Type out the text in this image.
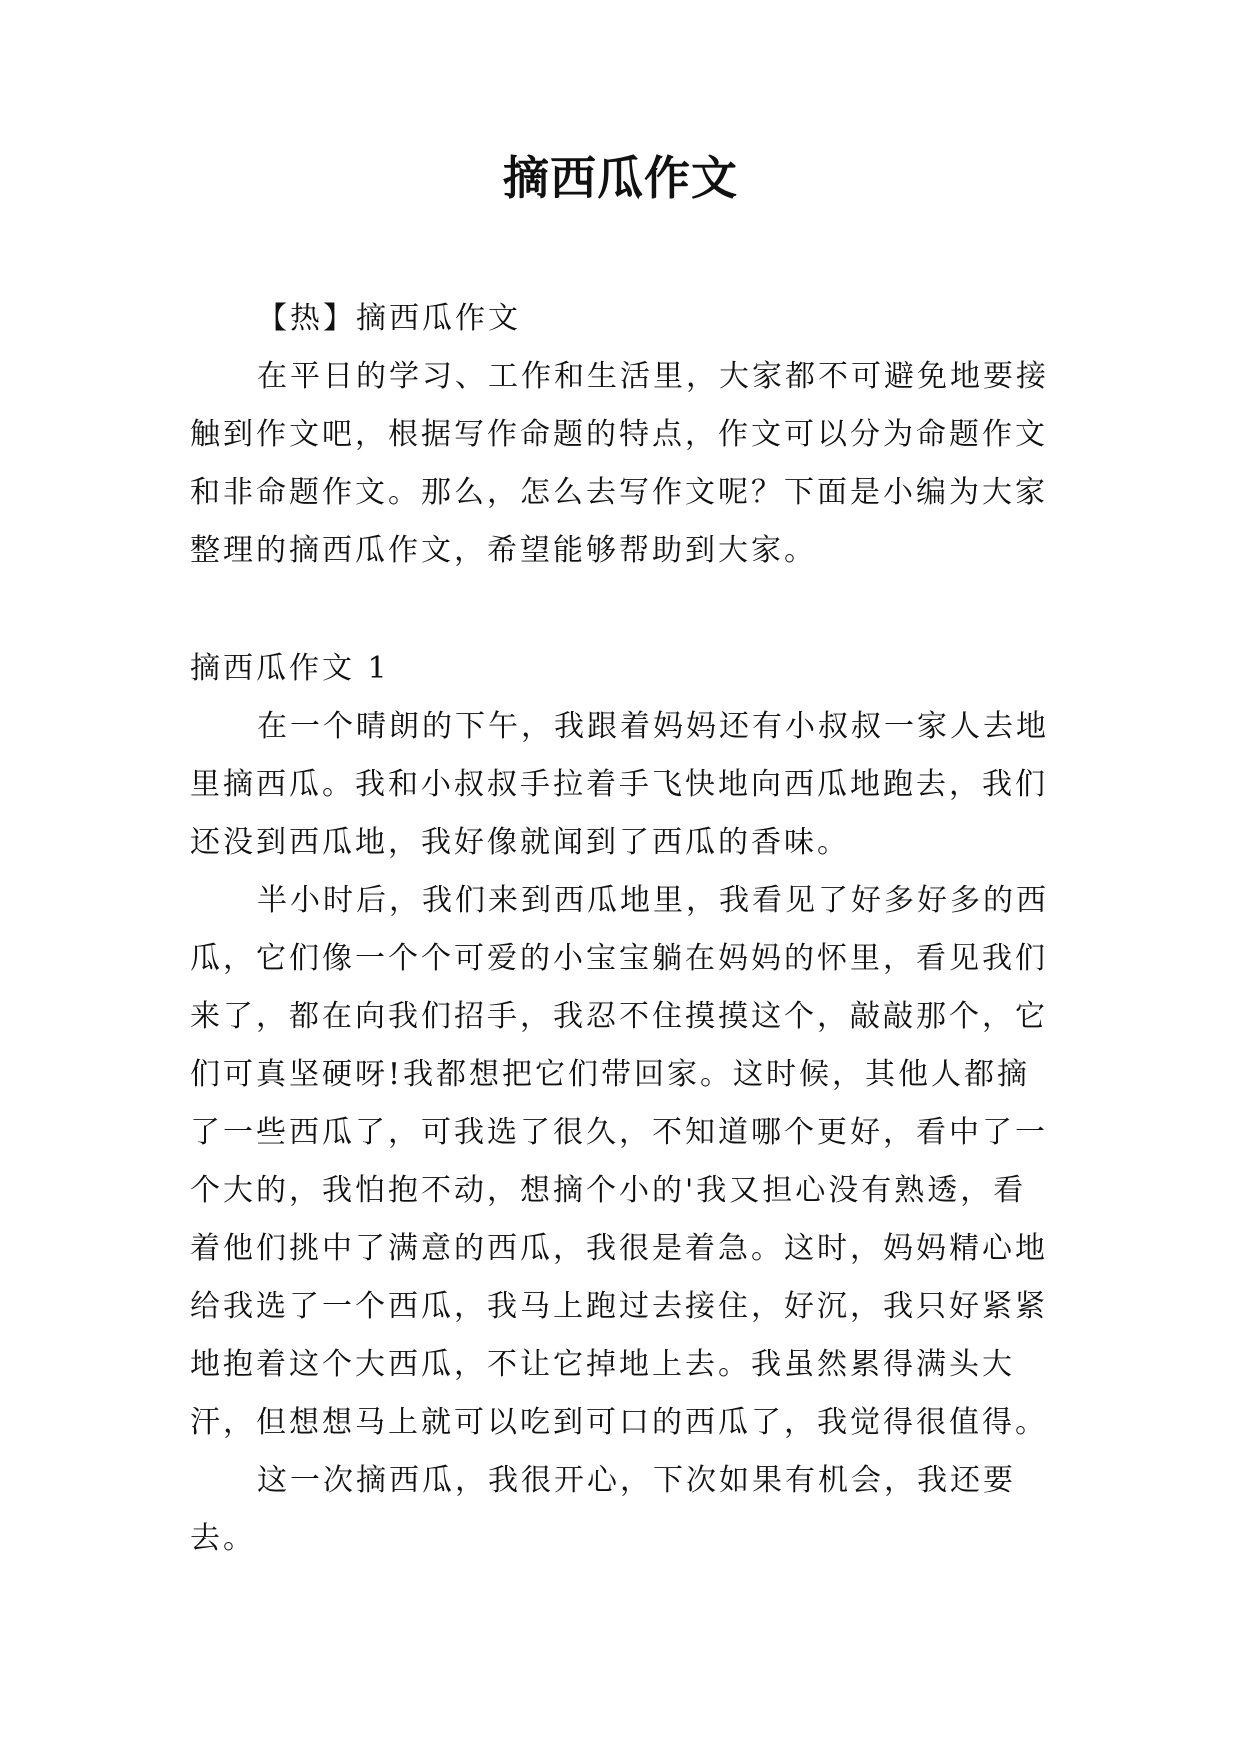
摘西瓜作文

【热】摘西瓜作文

在平日的学习、工作和生活里，大家都不可避免地要接触到作文吧，根据写作命题的特点，作文可以分为命题作文和非命题作文。那么，怎么去写作文呢？下面是小编为大家整理的摘西瓜作文，希望能够帮助到大家。

摘西瓜作文 1

在一个晴朗的下午，我跟着妈妈还有小叔叔一家人去地里摘西瓜。我和小叔叔手拉着手飞快地向西瓜地跑去，我们还没到西瓜地，我好像就闻到了西瓜的香味。

半小时后，我们来到西瓜地里，我看见了好多好多的西瓜，它们像一个个可爱的小宝宝躺在妈妈的怀里，看见我们来了，都在向我们招手，我忍不住摸摸这个，敲敲那个，它们可真坚硬呀!我都想把它们带回家。这时候，其他人都摘了一些西瓜了，可我选了很久，不知道哪个更好，看中了一个大的，我怕抱不动，想摘个小的'我又担心没有熟透，看着他们挑中了满意的西瓜，我很是着急。这时，妈妈精心地给我选了一个西瓜，我马上跑过去接住，好沉，我只好紧紧地抱着这个大西瓜，不让它掉地上去。我虽然累得满头大汗，但想想马上就可以吃到可口的西瓜了，我觉得很值得。

这一次摘西瓜，我很开心，下次如果有机会，我还要去。
